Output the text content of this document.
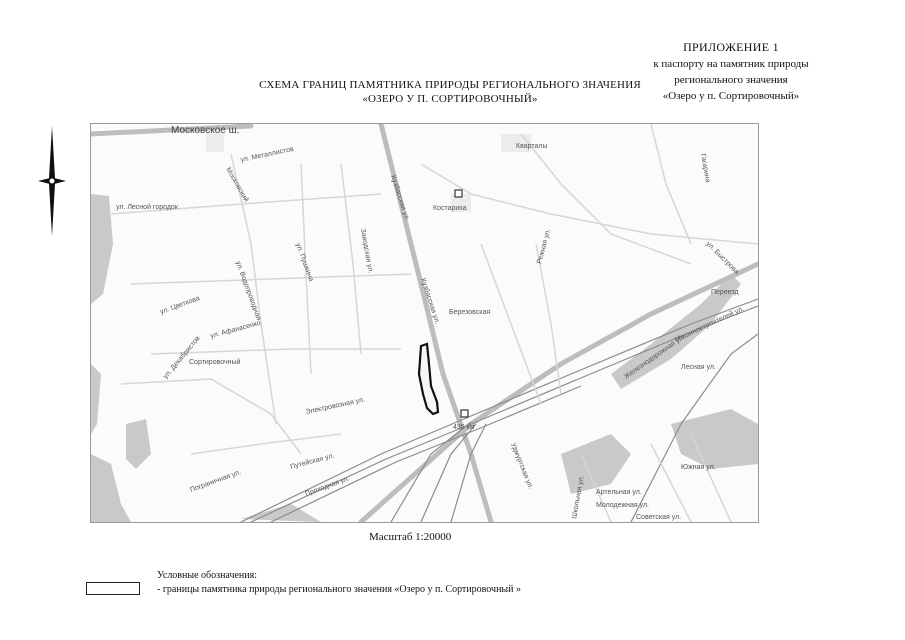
ПРИЛОЖЕНИЕ 1
к паспорту на памятник природы
регионального значения
«Озеро у п. Сортировочный»
СХЕМА ГРАНИЦ ПАМЯТНИКА ПРИРОДЫ РЕГИОНАЛЬНОГО ЗНАЧЕНИЯ
«ОЗЕРО У П. СОРТИРОВОЧНЫЙ»
Московское ш.
ул. Металлистов
Московский
ул. Лесной городок	Кузбасская ул.
Кузбасская ул.
Костариха
Кварталы
ул. Цветкова	ул. Водопроводная	ул. Пушкина	Заводская ул.
Березовская
Сортировочный
ул. Афанасенко
ул. Декабристов
Электровозная ул.
435 км
Удмуртская ул.
Путейская ул.
Проходная ул.
Пограничная ул.
Южная ул.
Железнодорожная ул.
Машиностроителей ул.
Лесная ул.
ул. Быстрова
Гагарина
Переезд
Режная ул.
Артельная ул.
Молодежная ул.
Советская ул.
Школьная ул.
Масштаб 1:20000
Условные обозначения:
- границы памятника природы регионального значения «Озеро у п. Сортировочный »
